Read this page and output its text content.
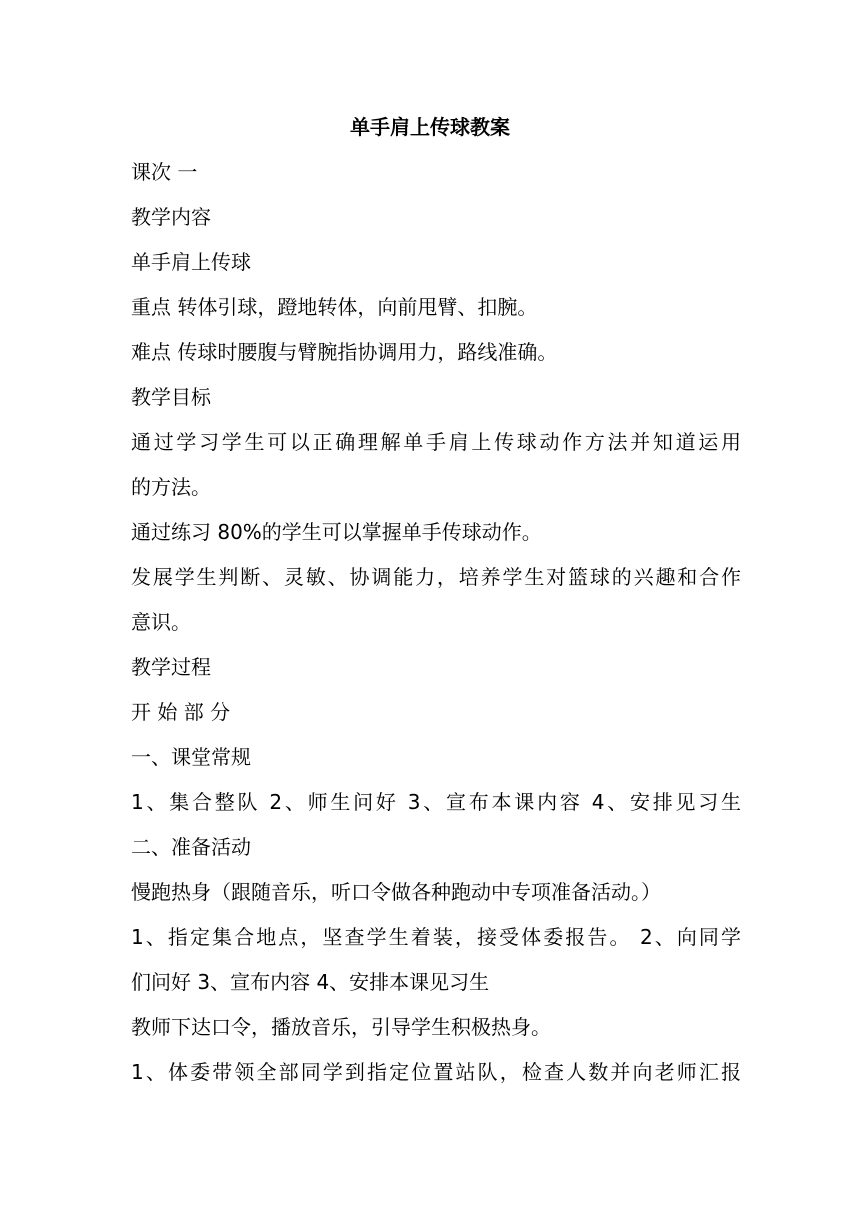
单手肩上传球教案
课次 一
教学内容
单手肩上传球
重点 转体引球，蹬地转体，向前甩臂、扣腕。
难点 传球时腰腹与臂腕指协调用力，路线准确。
教学目标
通过学习学生可以正确理解单手肩上传球动作方法并知道运用
的方法。
通过练习 80%的学生可以掌握单手传球动作。
发展学生判断、灵敏、协调能力，培养学生对篮球的兴趣和合作
意识。
教学过程
开 始 部 分
一、课堂常规
1、集合整队 2、师生问好 3、宣布本课内容 4、安排见习生
二、准备活动
慢跑热身（跟随音乐，听口令做各种跑动中专项准备活动。）
1、指定集合地点，坚查学生着装，接受体委报告。 2、向同学
们问好 3、宣布内容 4、安排本课见习生
教师下达口令，播放音乐，引导学生积极热身。
1、体委带领全部同学到指定位置站队，检查人数并向老师汇报
